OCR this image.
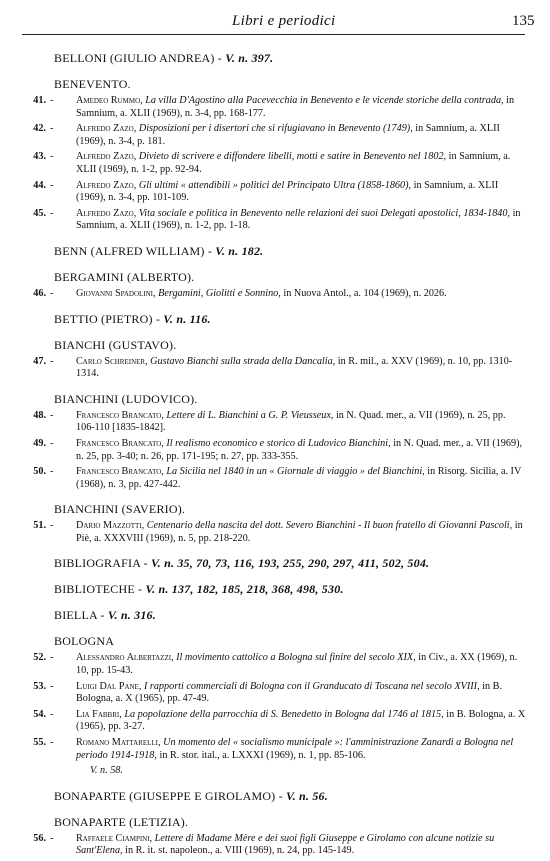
Libri e periodici	135
BELLONI (GIULIO ANDREA) - V. n. 397.
BENEVENTO.
41. - Amedeo Rummo, La villa D'Agostino alla Pacevecchia in Benevento e le vicende storiche della contrada, in Samnium, a. XLII (1969), n. 3-4, pp. 168-177.
42. - Alfredo Zazo, Disposizioni per i disertori che si rifugiavano in Benevento (1749), in Samnium, a. XLII (1969), n. 3-4, p. 181.
43. - Alfredo Zazo, Divieto di scrivere e diffondere libelli, motti e satire in Benevento nel 1802, in Samnium, a. XLII (1969), n. 1-2, pp. 92-94.
44. - Alfredo Zazo, Gli ultimi « attendibili » politici del Principato Ultra (1858-1860), in Samnium, a. XLII (1969), n. 3-4, pp. 101-109.
45. - Alfredo Zazo, Vita sociale e politica in Benevento nelle relazioni dei suoi Delegati apostolici, 1834-1840, in Samnium, a. XLII (1969), n. 1-2, pp. 1-18.
BENN (ALFRED WILLIAM) - V. n. 182.
BERGAMINI (ALBERTO).
46. - Giovanni Spadolini, Bergamini, Giolitti e Sonnino, in Nuova Antol., a. 104 (1969), n. 2026.
BETTIO (PIETRO) - V. n. 116.
BIANCHI (GUSTAVO).
47. - Carlo Schreiner, Gustavo Bianchi sulla strada della Dancalia, in R. mil., a. XXV (1969), n. 10, pp. 1310-1314.
BIANCHINI (LUDOVICO).
48. - Francesco Brancato, Lettere di L. Bianchini a G. P. Vieusseux, in N. Quad. mer., a. VII (1969), n. 25, pp. 106-110 [1835-1842].
49. - Francesco Brancato, Il realismo economico e storico di Ludovico Bianchini, in N. Quad. mer., a. VII (1969), n. 25, pp. 3-40; n. 26, pp. 171-195; n. 27, pp. 333-355.
50. - Francesco Brancato, La Sicilia nel 1840 in un « Giornale di viaggio » del Bianchini, in Risorg. Sicilia, a. IV (1968), n. 3, pp. 427-442.
BIANCHINI (SAVERIO).
51. - Dario Mazzotti, Centenario della nascita del dott. Severo Bianchini - Il buon fratello di Giovanni Pascoli, in Piè, a. XXXVIII (1969), n. 5, pp. 218-220.
BIBLIOGRAFIA - V. n. 35, 70, 73, 116, 193, 255, 290, 297, 411, 502, 504.
BIBLIOTECHE - V. n. 137, 182, 185, 218, 368, 498, 530.
BIELLA - V. n. 316.
BOLOGNA
52. - Alessandro Albertazzi, Il movimento cattolico a Bologna sul finire del secolo XIX, in Civ., a. XX (1969), n. 10, pp. 15-43.
53. - Luigi Dal Pane, I rapporti commerciali di Bologna con il Granducato di Toscana nel secolo XVIII, in B. Bologna, a. X (1965), pp. 47-49.
54. - Lia Fabbri, La popolazione della parrocchia di S. Benedetto in Bologna dal 1746 al 1815, in B. Bologna, a. X (1965), pp. 3-27.
55. - Romano Mattarelli, Un momento del « socialismo municipale »: l'amministrazione Zanardi a Bologna nel periodo 1914-1918, in R. stor. ital., a. LXXXI (1969), n. 1, pp. 85-106.
V. n. 58.
BONAPARTE (GIUSEPPE E GIROLAMO) - V. n. 56.
BONAPARTE (LETIZIA).
56. - Raffaele Ciampini, Lettere di Madame Mère e dei suoi figli Giuseppe e Girolamo con alcune notizie su Sant'Elena, in R. it. st. napoleon., a. VIII (1969), n. 24, pp. 145-149.
